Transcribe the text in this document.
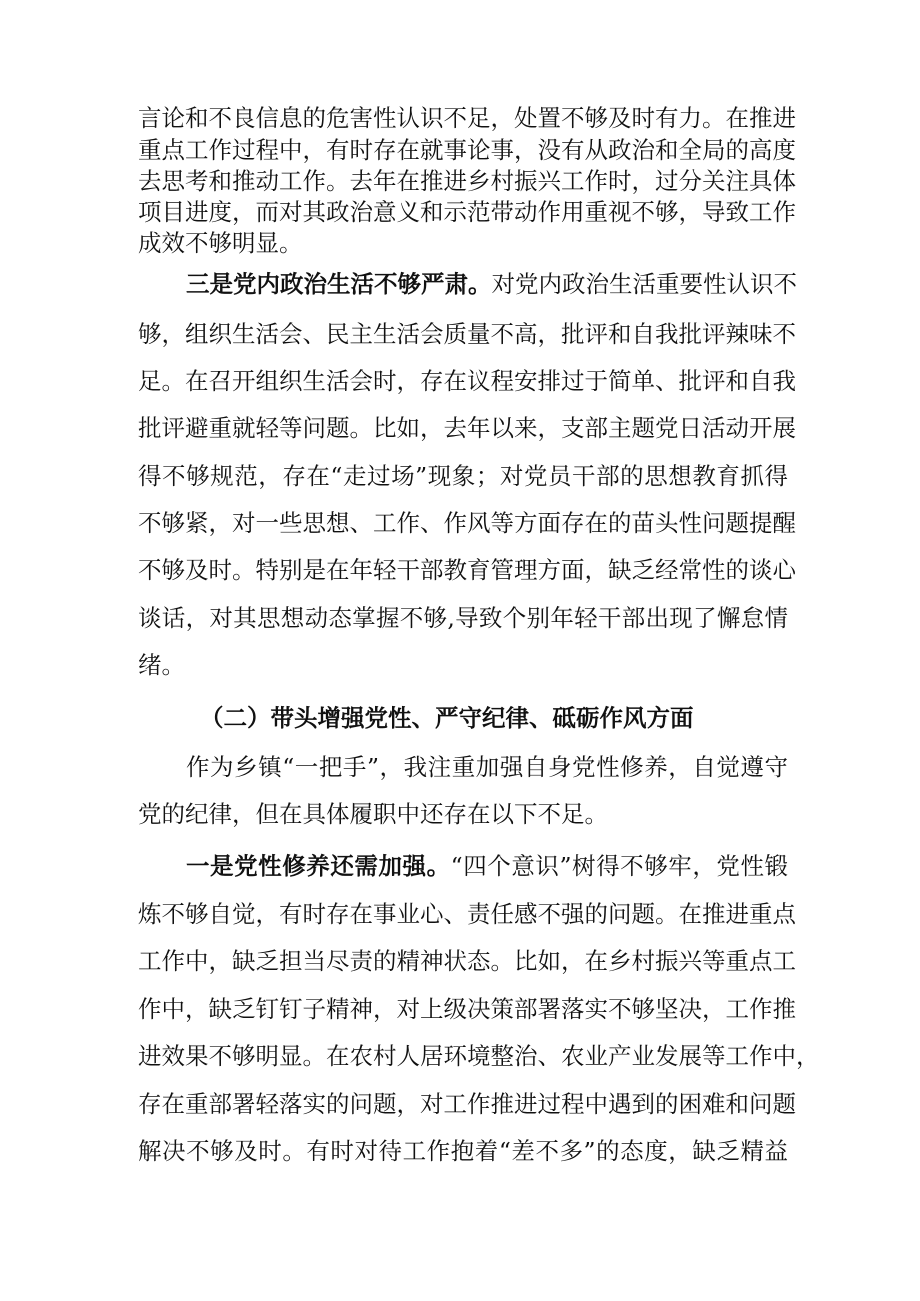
言论和不良信息的危害性认识不足，处置不够及时有力。在推进
重点工作过程中，有时存在就事论事，没有从政治和全局的高度
去思考和推动工作。去年在推进乡村振兴工作时，过分关注具体
项目进度，而对其政治意义和示范带动作用重视不够，导致工作
成效不够明显。
三是党内政治生活不够严肃。对党内政治生活重要性认识不
够，组织生活会、民主生活会质量不高，批评和自我批评辣味不
足。在召开组织生活会时，存在议程安排过于简单、批评和自我
批评避重就轻等问题。比如，去年以来，支部主题党日活动开展
得不够规范，存在“走过场”现象；对党员干部的思想教育抓得
不够紧，对一些思想、工作、作风等方面存在的苗头性问题提醒
不够及时。特别是在年轻干部教育管理方面，缺乏经常性的谈心
谈话，对其思想动态掌握不够,导致个别年轻干部出现了懈怠情
绪。
（二）带头增强党性、严守纪律、砥砺作风方面
作为乡镇“一把手”，我注重加强自身党性修养，自觉遵守
党的纪律，但在具体履职中还存在以下不足。
一是党性修养还需加强。“四个意识”树得不够牢，党性锻
炼不够自觉，有时存在事业心、责任感不强的问题。在推进重点
工作中，缺乏担当尽责的精神状态。比如，在乡村振兴等重点工
作中，缺乏钉钉子精神，对上级决策部署落实不够坚决，工作推
进效果不够明显。在农村人居环境整治、农业产业发展等工作中，
存在重部署轻落实的问题，对工作推进过程中遇到的困难和问题
解决不够及时。有时对待工作抱着“差不多”的态度，缺乏精益
